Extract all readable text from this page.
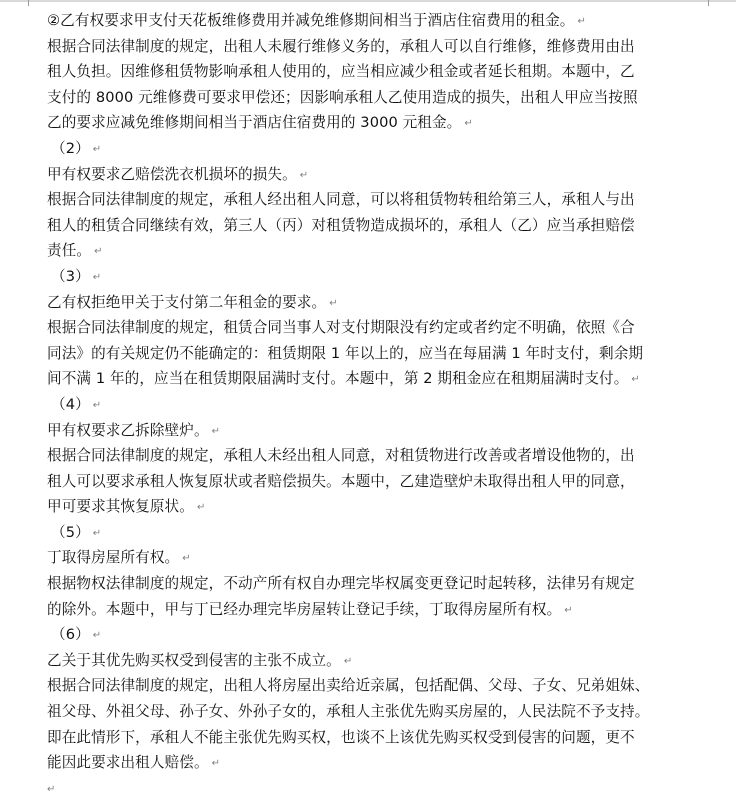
②乙有权要求甲支付天花板维修费用并减免维修期间相当于酒店住宿费用的租金。 ↵
根据合同法律制度的规定，出租人未履行维修义务的，承租人可以自行维修，维修费用由出
租人负担。因维修租赁物影响承租人使用的，应当相应减少租金或者延长租期。本题中，乙
支付的 8000 元维修费可要求甲偿还；因影响承租人乙使用造成的损失，出租人甲应当按照
乙的要求应减免维修期间相当于酒店住宿费用的 3000 元租金。 ↵
（2） ↵
甲有权要求乙赔偿洗衣机损坏的损失。 ↵
根据合同法律制度的规定，承租人经出租人同意，可以将租赁物转租给第三人，承租人与出
租人的租赁合同继续有效，第三人（丙）对租赁物造成损坏的，承租人（乙）应当承担赔偿
责任。 ↵
（3） ↵
乙有权拒绝甲关于支付第二年租金的要求。 ↵
根据合同法律制度的规定，租赁合同当事人对支付期限没有约定或者约定不明确，依照《合
同法》的有关规定仍不能确定的：租赁期限 1 年以上的，应当在每届满 1 年时支付，剩余期
间不满 1 年的，应当在租赁期限届满时支付。本题中，第 2 期租金应在租期届满时支付。 ↵
（4） ↵
甲有权要求乙拆除壁炉。 ↵
根据合同法律制度的规定，承租人未经出租人同意，对租赁物进行改善或者增设他物的，出
租人可以要求承租人恢复原状或者赔偿损失。本题中，乙建造壁炉未取得出租人甲的同意，
甲可要求其恢复原状。 ↵
（5） ↵
丁取得房屋所有权。 ↵
根据物权法律制度的规定，不动产所有权自办理完毕权属变更登记时起转移，法律另有规定
的除外。本题中，甲与丁已经办理完毕房屋转让登记手续，丁取得房屋所有权。 ↵
（6） ↵
乙关于其优先购买权受到侵害的主张不成立。 ↵
根据合同法律制度的规定，出租人将房屋出卖给近亲属，包括配偶、父母、子女、兄弟姐妹、
祖父母、外祖父母、孙子女、外孙子女的，承租人主张优先购买房屋的，人民法院不予支持。
即在此情形下，承租人不能主张优先购买权，也谈不上该优先购买权受到侵害的问题，更不
能因此要求出租人赔偿。 ↵
↵
